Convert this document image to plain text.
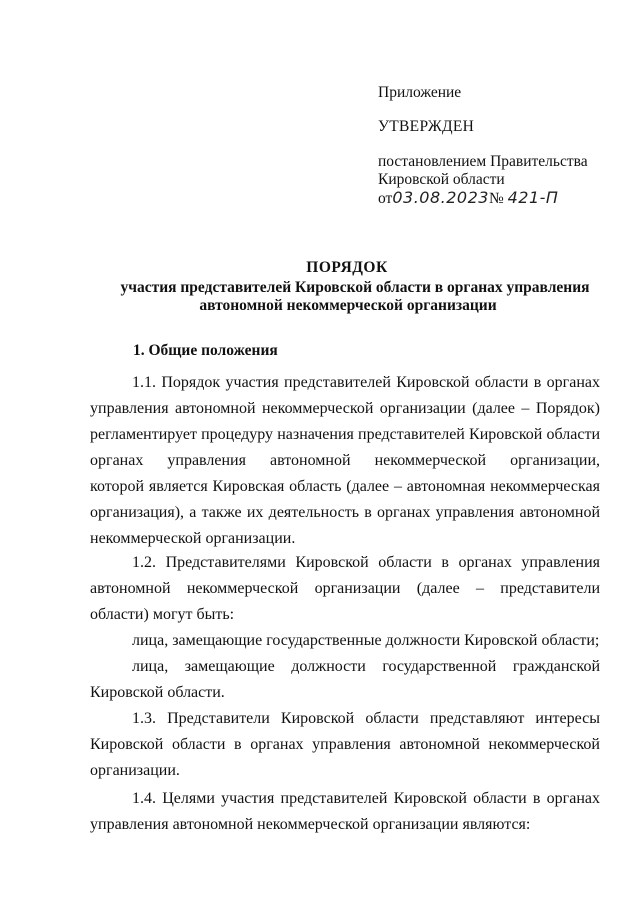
Приложение
УТВЕРЖДЕН
постановлением Правительства
Кировской области
от03.08.2023№ 421-П
ПОРЯДОК
участия представителей Кировской области в органах управления
автономной некоммерческой организации
1. Общие положения
1.1. Порядок участия представителей Кировской области в органах
управления автономной некоммерческой организации (далее – Порядок)
регламентирует процедуру назначения представителей Кировской области
органах управления автономной некоммерческой организации,
которой является Кировская область (далее – автономная некоммерческая
организация), а также их деятельность в органах управления автономной
некоммерческой организации.
1.2. Представителями Кировской области в органах управления
автономной некоммерческой организации (далее – представители
области) могут быть:
лица, замещающие государственные должности Кировской области;
лица, замещающие должности государственной гражданской
Кировской области.
1.3. Представители Кировской области представляют интересы
Кировской области в органах управления автономной некоммерческой
организации.
1.4. Целями участия представителей Кировской области в органах
управления автономной некоммерческой организации являются:
